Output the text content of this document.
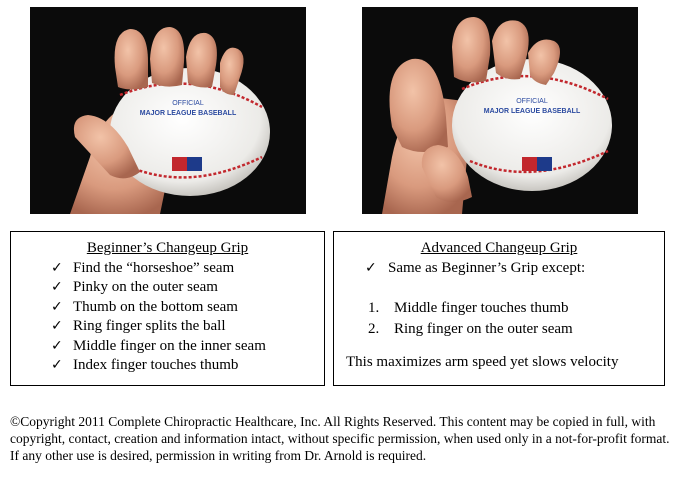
OFFICIAL
MAJOR LEAGUE BASEBALL
OFFICIAL
MAJOR LEAGUE BASEBALL
Beginner’s Changeup Grip
✓ Find the “horseshoe” seam
✓ Pinky on the outer seam
✓ Thumb on the bottom seam
✓ Ring finger splits the ball
✓ Middle finger on the inner seam
✓ Index finger touches thumb
Advanced Changeup Grip

✓ Same as Beginner’s Grip except:

1. Middle finger touches thumb
2. Ring finger on the outer seam

This maximizes arm speed yet slows velocity

©Copyright 2011 Complete Chiropractic Healthcare, Inc. All Rights Reserved. This content may be copied in full, with copyright, contact, creation and information intact, without specific permission, when used only in a not-for-profit format. If any other use is desired, permission in writing from Dr. Arnold is required.
